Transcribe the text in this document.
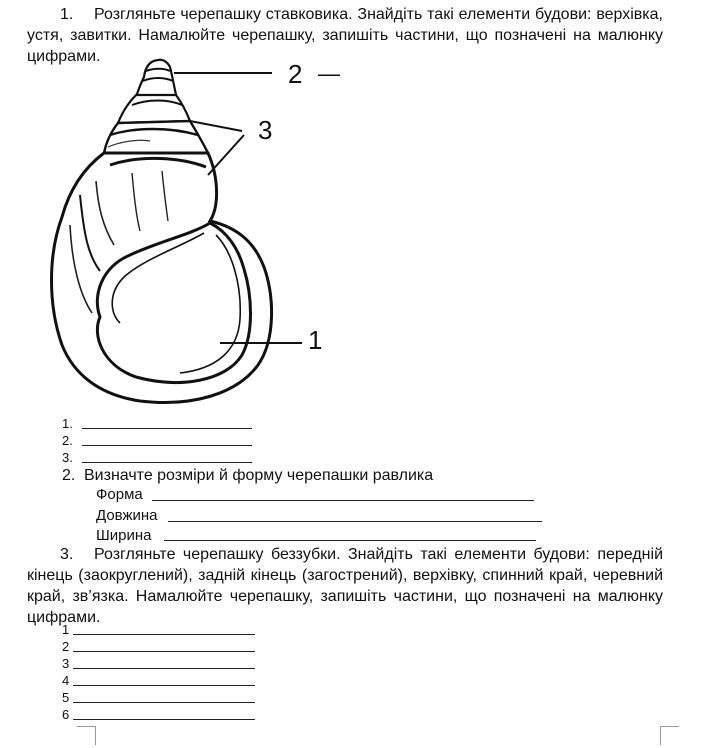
1. Розгляньте черепашку ставковика. Знайдіть такі елементи будови: верхівка, устя, завитки. Намалюйте черепашку, запишіть частини, що позначені на малюнку цифрами.
2 —
3
1
1.
2.
3.
2. Визначте розміри й форму черепашки равлика
Форма
Довжина
Ширина
3. Розгляньте черепашку беззубки. Знайдіть такі елементи будови: передній кінець (заокруглений), задній кінець (загострений), верхівку, спинний край, черевний край, зв’язка. Намалюйте черепашку, запишіть частини, що позначені на малюнку цифрами.
1
2
3
4
5
6
